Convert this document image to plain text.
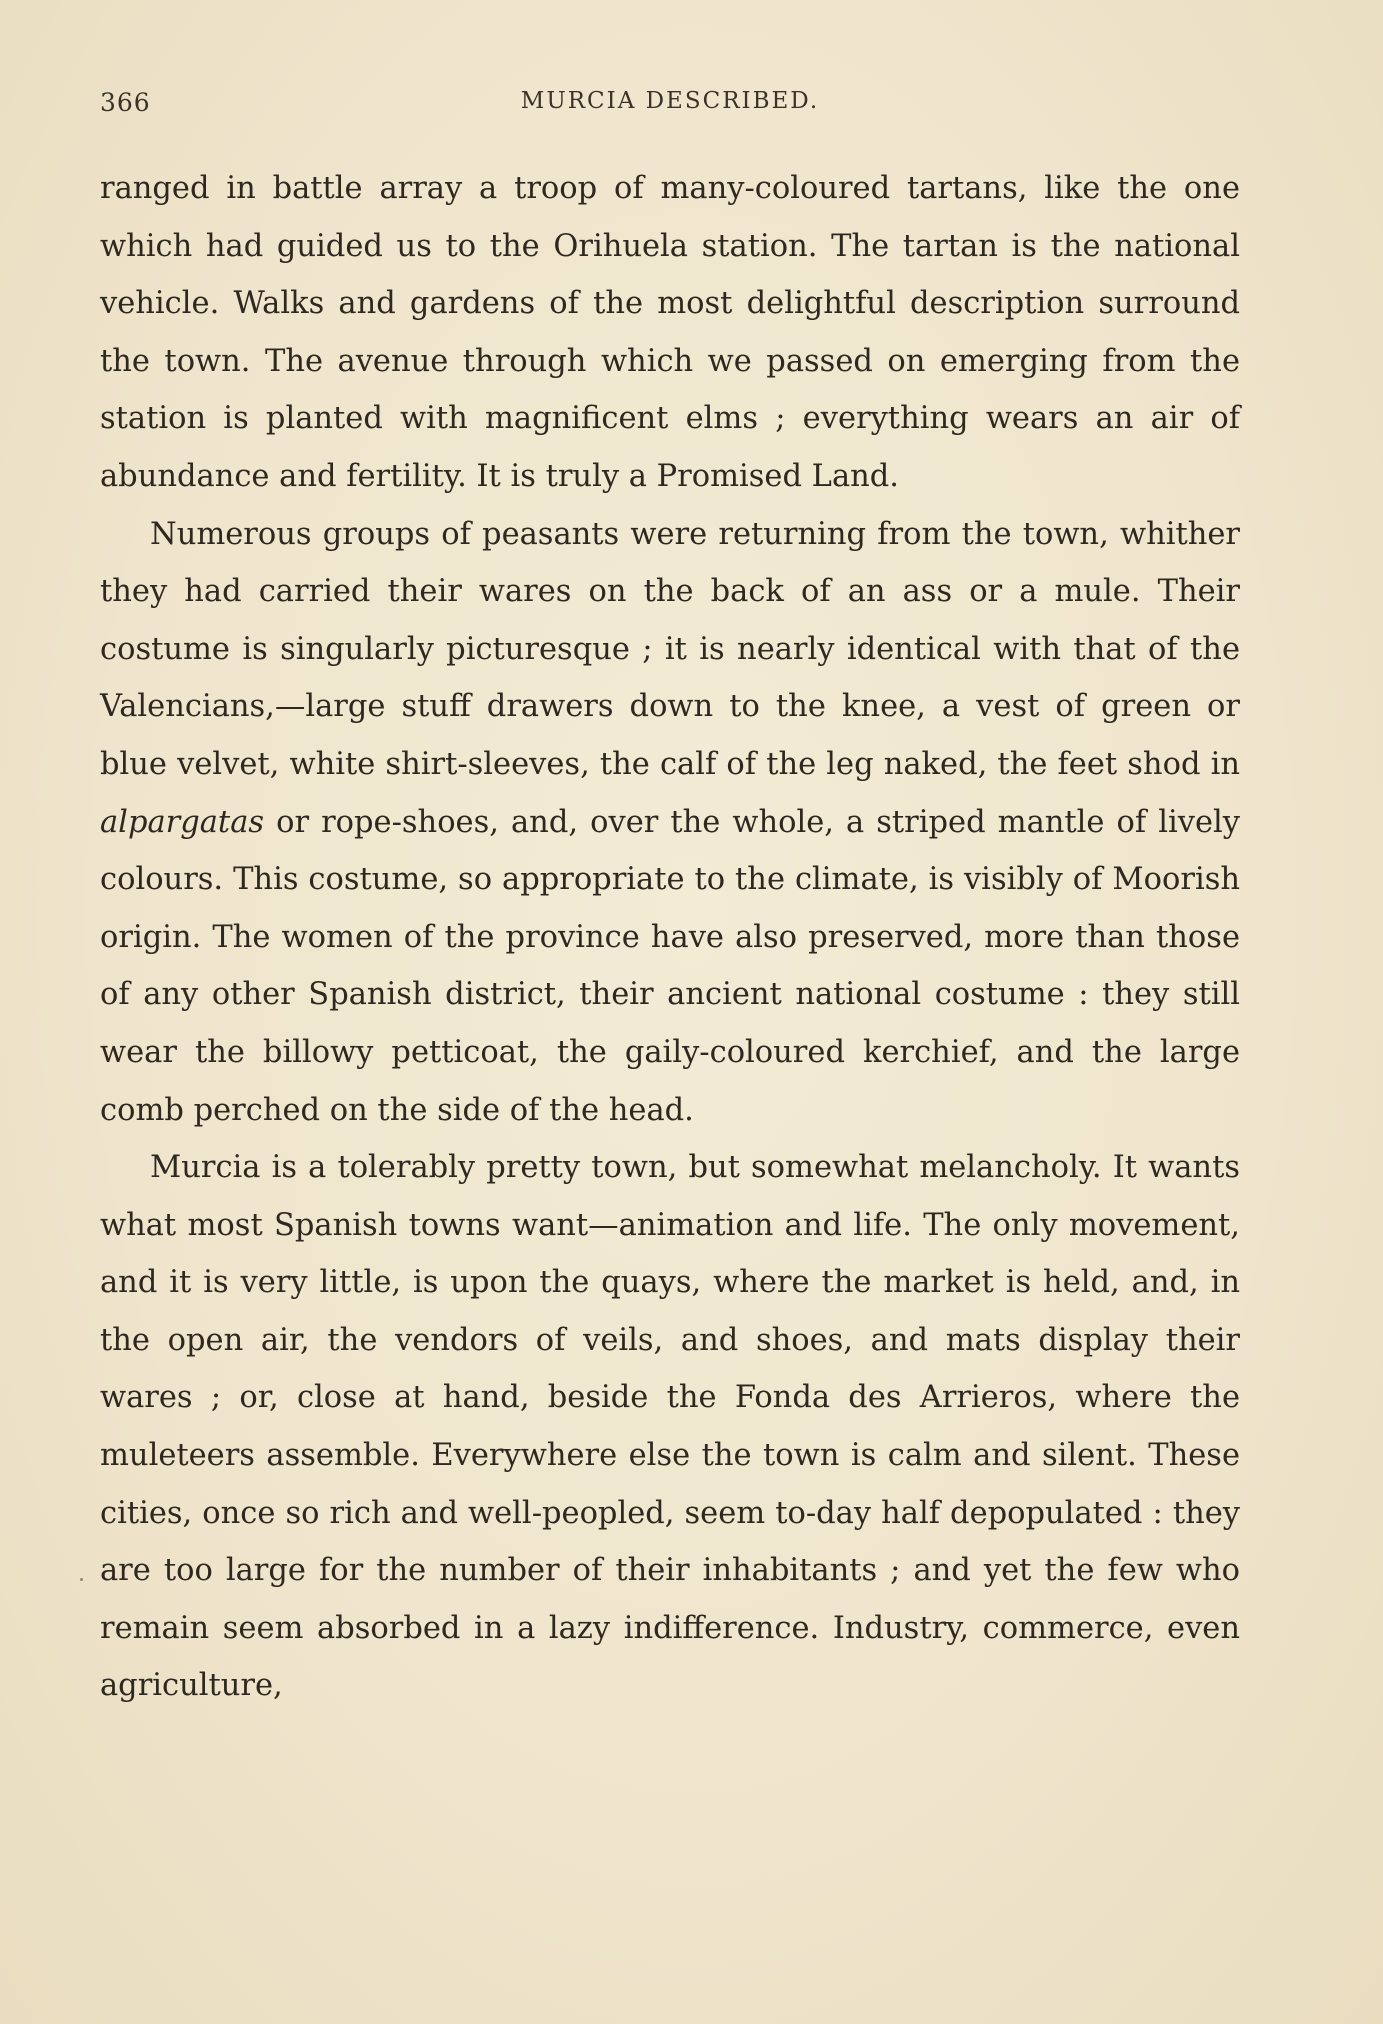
366	MURCIA DESCRIBED.

ranged in battle array a troop of many-coloured tartans, like the one which had guided us to the Orihuela station. The tartan is the national vehicle. Walks and gardens of the most delightful description surround the town. The avenue through which we passed on emerging from the station is planted with magnificent elms ; everything wears an air of abundance and fertility. It is truly a Promised Land.

Numerous groups of peasants were returning from the town, whither they had carried their wares on the back of an ass or a mule. Their costume is singularly picturesque ; it is nearly identical with that of the Valencians,—large stuff drawers down to the knee, a vest of green or blue velvet, white shirt-sleeves, the calf of the leg naked, the feet shod in alpargatas or rope-shoes, and, over the whole, a striped mantle of lively colours. This costume, so appropriate to the climate, is visibly of Moorish origin. The women of the province have also preserved, more than those of any other Spanish district, their ancient national costume : they still wear the billowy petticoat, the gaily-coloured kerchief, and the large comb perched on the side of the head.

Murcia is a tolerably pretty town, but somewhat melancholy. It wants what most Spanish towns want—animation and life. The only movement, and it is very little, is upon the quays, where the market is held, and, in the open air, the vendors of veils, and shoes, and mats display their wares ; or, close at hand, beside the Fonda des Arrieros, where the muleteers assemble. Everywhere else the town is calm and silent. These cities, once so rich and well-peopled, seem to-day half depopulated : they are too large for the number of their inhabitants ; and yet the few who remain seem absorbed in a lazy indifference. Industry, commerce, even agriculture,
